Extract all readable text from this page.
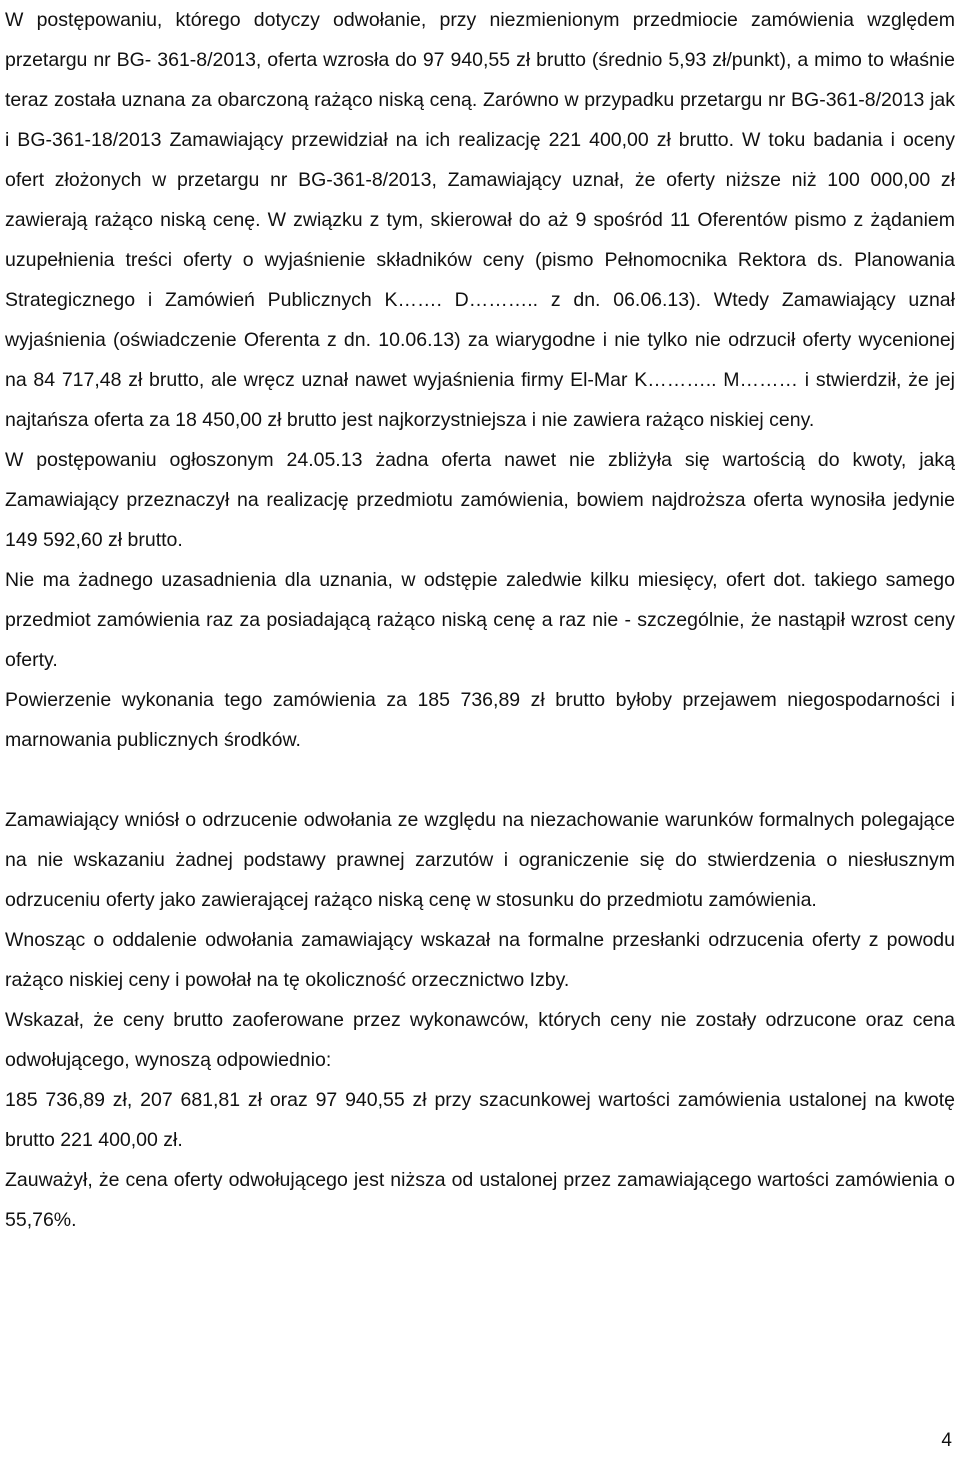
W postępowaniu, którego dotyczy odwołanie, przy niezmienionym przedmiocie zamówienia względem przetargu nr BG- 361-8/2013, oferta wzrosła do 97 940,55 zł brutto (średnio 5,93 zł/punkt), a mimo to właśnie teraz została uznana za obarczoną rażąco niską ceną. Zarówno w przypadku przetargu nr BG-361-8/2013 jak i BG-361-18/2013 Zamawiający przewidział na ich realizację 221 400,00 zł brutto. W toku badania i oceny ofert złożonych w przetargu nr BG-361-8/2013, Zamawiający uznał, że oferty niższe niż 100 000,00 zł zawierają rażąco niską cenę. W związku z tym, skierował do aż 9 spośród 11 Oferentów pismo z żądaniem uzupełnienia treści oferty o wyjaśnienie składników ceny (pismo Pełnomocnika Rektora ds. Planowania Strategicznego i Zamówień Publicznych K……. D……….. z dn. 06.06.13). Wtedy Zamawiający uznał wyjaśnienia (oświadczenie Oferenta z dn. 10.06.13) za wiarygodne i nie tylko nie odrzucił oferty wycenionej na 84 717,48 zł brutto, ale wręcz uznał nawet wyjaśnienia firmy El-Mar K……….. M……… i stwierdził, że jej najtańsza oferta za 18 450,00 zł brutto jest najkorzystniejsza i nie zawiera rażąco niskiej ceny.

W postępowaniu ogłoszonym 24.05.13 żadna oferta nawet nie zbliżyła się wartością do kwoty, jaką Zamawiający przeznaczył na realizację przedmiotu zamówienia, bowiem najdroższa oferta wynosiła jedynie 149 592,60 zł brutto.

Nie ma żadnego uzasadnienia dla uznania, w odstępie zaledwie kilku miesięcy, ofert dot. takiego samego przedmiot zamówienia raz za posiadającą rażąco niską cenę a raz nie - szczególnie, że nastąpił wzrost ceny oferty.

Powierzenie wykonania tego zamówienia za 185 736,89 zł brutto byłoby przejawem niegospodarności i marnowania publicznych środków.

Zamawiający wniósł o odrzucenie odwołania ze względu na niezachowanie warunków formalnych polegające na nie wskazaniu żadnej podstawy prawnej zarzutów i ograniczenie się do stwierdzenia o niesłusznym odrzuceniu oferty jako zawierającej rażąco niską cenę w stosunku do przedmiotu zamówienia.

Wnosząc o oddalenie odwołania zamawiający wskazał na formalne przesłanki odrzucenia oferty z powodu rażąco niskiej ceny i powołał na tę okoliczność orzecznictwo Izby.

Wskazał, że ceny brutto zaoferowane przez wykonawców, których ceny nie zostały odrzucone oraz cena odwołującego, wynoszą odpowiednio:

185 736,89 zł, 207 681,81 zł oraz 97 940,55 zł przy szacunkowej wartości zamówienia ustalonej na kwotę brutto 221 400,00 zł.

Zauważył, że cena oferty odwołującego jest niższa od ustalonej przez zamawiającego wartości zamówienia o 55,76%.

4
